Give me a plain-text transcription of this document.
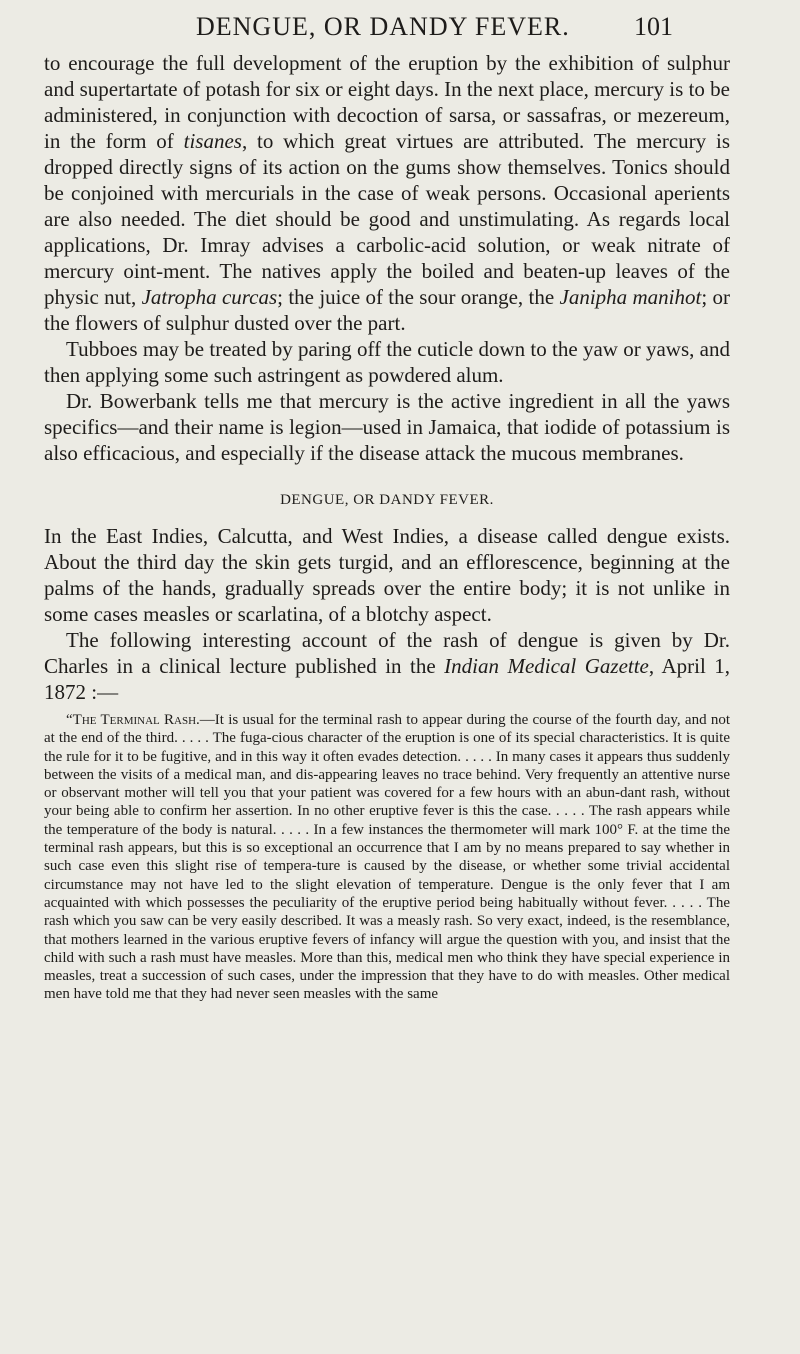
DENGUE, OR DANDY FEVER. 101

to encourage the full development of the eruption by the exhibition of sulphur and supertartate of potash for six or eight days. In the next place, mercury is to be administered, in conjunction with decoction of sarsa, or sassafras, or mezereum, in the form of tisanes, to which great virtues are attributed. The mercury is dropped directly signs of its action on the gums show themselves. Tonics should be conjoined with mercurials in the case of weak persons. Occasional aperients are also needed. The diet should be good and unstimulating. As regards local applications, Dr. Imray advises a carbolic-acid solution, or weak nitrate of mercury oint-ment. The natives apply the boiled and beaten-up leaves of the physic nut, Jatropha curcas; the juice of the sour orange, the Janipha manihot; or the flowers of sulphur dusted over the part.

Tubboes may be treated by paring off the cuticle down to the yaw or yaws, and then applying some such astringent as powdered alum.

Dr. Bowerbank tells me that mercury is the active ingredient in all the yaws specifics—and their name is legion—used in Jamaica, that iodide of potassium is also efficacious, and especially if the disease attack the mucous membranes.

DENGUE, OR DANDY FEVER.

In the East Indies, Calcutta, and West Indies, a disease called dengue exists. About the third day the skin gets turgid, and an efflorescence, beginning at the palms of the hands, gradually spreads over the entire body; it is not unlike in some cases measles or scarlatina, of a blotchy aspect.

The following interesting account of the rash of dengue is given by Dr. Charles in a clinical lecture published in the Indian Medical Gazette, April 1, 1872 :—

“The Terminal Rash.—It is usual for the terminal rash to appear during the course of the fourth day, and not at the end of the third. . . . . The fuga-cious character of the eruption is one of its special characteristics. It is quite the rule for it to be fugitive, and in this way it often evades detection. . . . . In many cases it appears thus suddenly between the visits of a medical man, and dis-appearing leaves no trace behind. Very frequently an attentive nurse or observant mother will tell you that your patient was covered for a few hours with an abun-dant rash, without your being able to confirm her assertion. In no other eruptive fever is this the case. . . . . The rash appears while the temperature of the body is natural. . . . . In a few instances the thermometer will mark 100° F. at the time the terminal rash appears, but this is so exceptional an occurrence that I am by no means prepared to say whether in such case even this slight rise of tempera-ture is caused by the disease, or whether some trivial accidental circumstance may not have led to the slight elevation of temperature. Dengue is the only fever that I am acquainted with which possesses the peculiarity of the eruptive period being habitually without fever. . . . . The rash which you saw can be very easily described. It was a measly rash. So very exact, indeed, is the resemblance, that mothers learned in the various eruptive fevers of infancy will argue the question with you, and insist that the child with such a rash must have measles. More than this, medical men who think they have special experience in measles, treat a succession of such cases, under the impression that they have to do with measles. Other medical men have told me that they had never seen measles with the same
